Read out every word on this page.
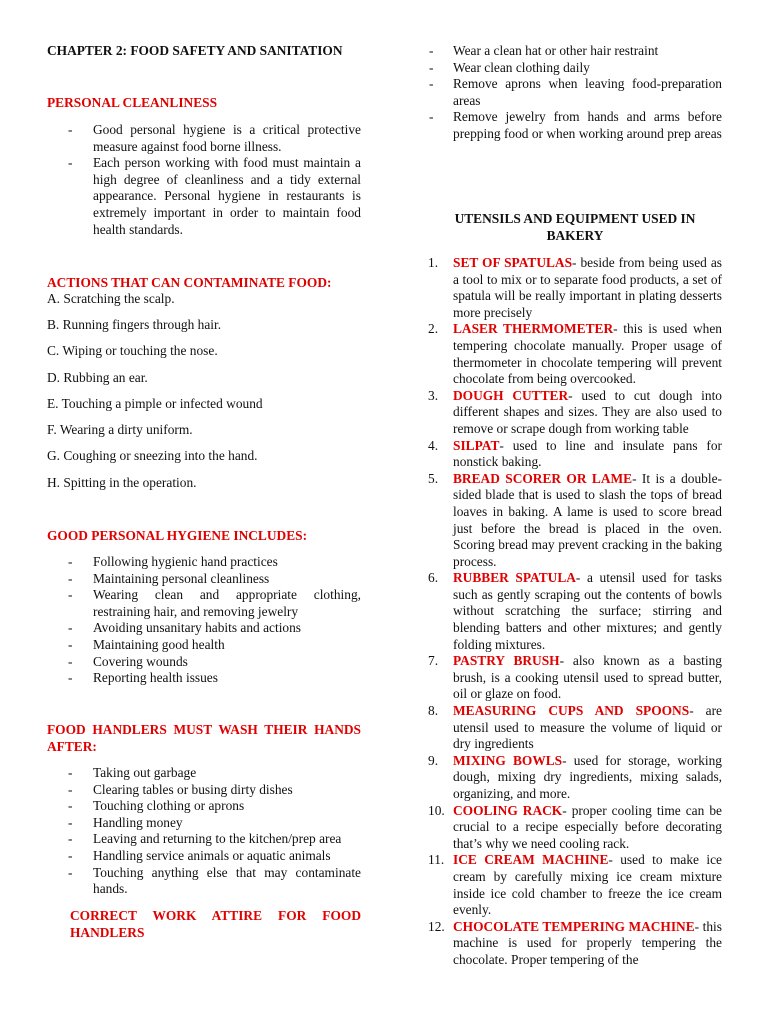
CHAPTER 2: FOOD SAFETY AND SANITATION
PERSONAL CLEANLINESS
- Good personal hygiene is a critical protective measure against food borne illness.
- Each person working with food must maintain a high degree of cleanliness and a tidy external appearance. Personal hygiene in restaurants is extremely important in order to maintain food health standards.
ACTIONS THAT CAN CONTAMINATE FOOD:
A. Scratching the scalp.
B. Running fingers through hair.
C. Wiping or touching the nose.
D. Rubbing an ear.
E. Touching a pimple or infected wound
F. Wearing a dirty uniform.
G. Coughing or sneezing into the hand.
H. Spitting in the operation.
GOOD PERSONAL HYGIENE INCLUDES:
- Following hygienic hand practices
- Maintaining personal cleanliness
- Wearing clean and appropriate clothing, restraining hair, and removing jewelry
- Avoiding unsanitary habits and actions
- Maintaining good health
- Covering wounds
- Reporting health issues
FOOD HANDLERS MUST WASH THEIR HANDS AFTER:
- Taking out garbage
- Clearing tables or busing dirty dishes
- Touching clothing or aprons
- Handling money
- Leaving and returning to the kitchen/prep area
- Handling service animals or aquatic animals
- Touching anything else that may contaminate hands.
CORRECT WORK ATTIRE FOR FOOD HANDLERS
- Wear a clean hat or other hair restraint
- Wear clean clothing daily
- Remove aprons when leaving food-preparation areas
- Remove jewelry from hands and arms before prepping food or when working around prep areas
UTENSILS AND EQUIPMENT USED IN BAKERY
1.	SET OF SPATULAS- beside from being used as a tool to mix or to separate food products, a set of spatula will be really important in plating desserts more precisely
2.	LASER THERMOMETER- this is used when tempering chocolate manually. Proper usage of thermometer in chocolate tempering will prevent chocolate from being overcooked.
3.	DOUGH CUTTER- used to cut dough into different shapes and sizes. They are also used to remove or scrape dough from working table
4.	SILPAT- used to line and insulate pans for nonstick baking.
5.	BREAD SCORER OR LAME- It is a double-sided blade that is used to slash the tops of bread loaves in baking. A lame is used to score bread just before the bread is placed in the oven. Scoring bread may prevent cracking in the baking process.
6.	RUBBER SPATULA- a utensil used for tasks such as gently scraping out the contents of bowls without scratching the surface; stirring and blending batters and other mixtures; and gently folding mixtures.
7.	PASTRY BRUSH- also known as a basting brush, is a cooking utensil used to spread butter, oil or glaze on food.
8.	MEASURING CUPS AND SPOONS- are utensil used to measure the volume of liquid or dry ingredients
9.	MIXING BOWLS- used for storage, working dough, mixing dry ingredients, mixing salads, organizing, and more.
10. COOLING RACK- proper cooling time can be crucial to a recipe especially before decorating that’s why we need cooling rack.
11. ICE CREAM MACHINE- used to make ice cream by carefully mixing ice cream mixture inside ice cold chamber to freeze the ice cream evenly.
12. CHOCOLATE TEMPERING MACHINE- this machine is used for properly tempering the chocolate. Proper tempering of the
